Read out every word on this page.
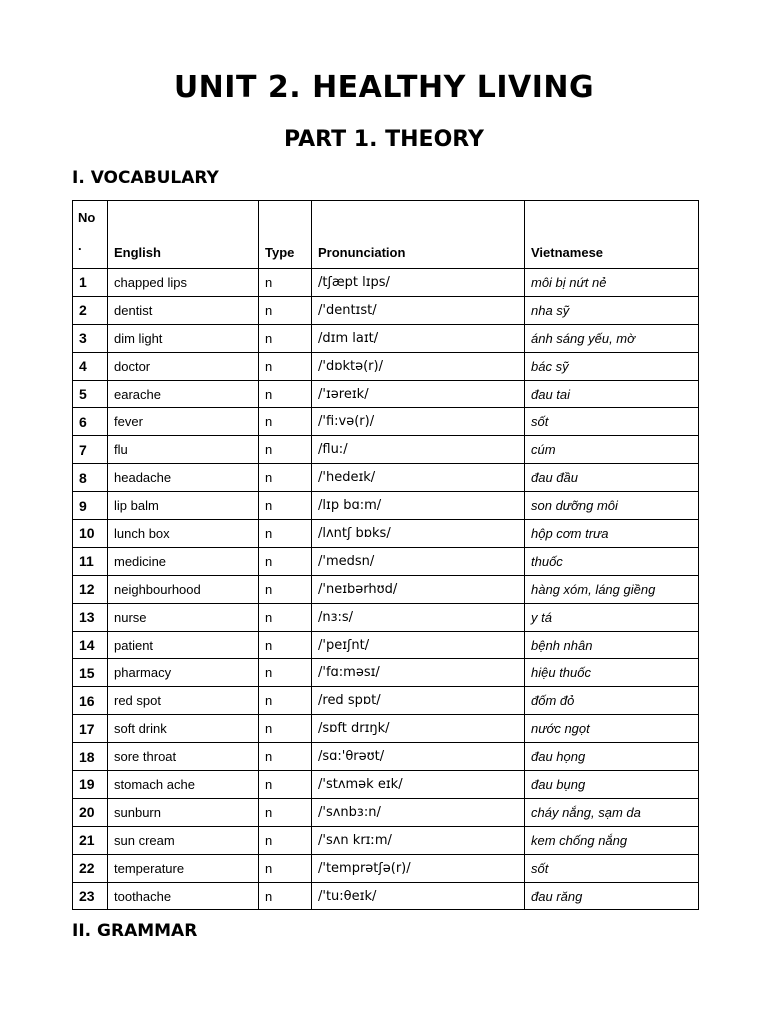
UNIT 2. HEALTHY LIVING
PART 1. THEORY
I. VOCABULARY
No
.	English	Type	Pronunciation	Vietnamese
1	chapped lips	n	/tʃæpt lɪps/	môi bị nứt nẻ
2	dentist	n	/'dentɪst/	nha sỹ
3	dim light	n	/dɪm laɪt/	ánh sáng yếu, mờ
4	doctor	n	/'dɒktə(r)/	bác sỹ
5	earache	n	/'ɪəreɪk/	đau tai
6	fever	n	/'fi:və(r)/	sốt
7	flu	n	/flu:/	cúm
8	headache	n	/'hedeɪk/	đau đầu
9	lip balm	n	/lɪp bɑ:m/	son dưỡng môi
10	lunch box	n	/lʌntʃ bɒks/	hộp cơm trưa
11	medicine	n	/'medsn/	thuốc
12	neighbourhood	n	/'neɪbərhʊd/	hàng xóm, láng giềng
13	nurse	n	/nɜ:s/	y tá
14	patient	n	/'peɪʃnt/	bệnh nhân
15	pharmacy	n	/'fɑ:məsɪ/	hiệu thuốc
16	red spot	n	/red spɒt/	đốm đỏ
17	soft drink	n	/sɒft drɪŋk/	nước ngọt
18	sore throat	n	/sɑ:'θrəʊt/	đau họng
19	stomach ache	n	/'stʌmək eɪk/	đau bụng
20	sunburn	n	/'sʌnbɜ:n/	cháy nắng, sạm da
21	sun cream	n	/'sʌn krɪːm/	kem chống nắng
22	temperature	n	/'temprətʃə(r)/	sốt
23	toothache	n	/'tu:θeɪk/	đau răng
II. GRAMMAR
